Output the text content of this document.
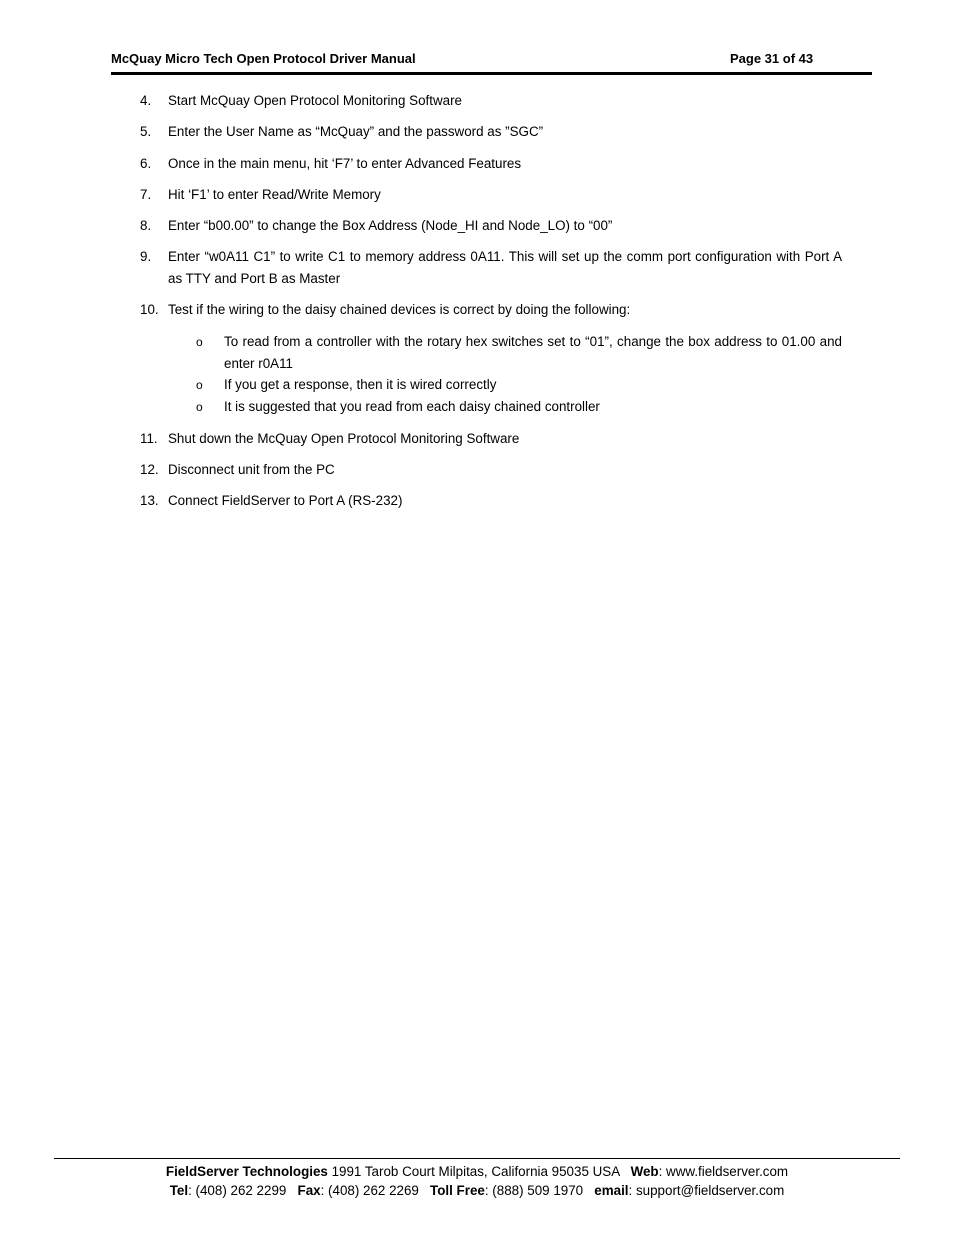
McQuay Micro Tech Open Protocol Driver Manual	Page 31 of 43
4. Start McQuay Open Protocol Monitoring Software
5. Enter the User Name as “McQuay” and the password as ”SGC”
6. Once in the main menu, hit ‘F7’ to enter Advanced Features
7. Hit ‘F1’ to enter Read/Write Memory
8. Enter “b00.00” to change the Box Address (Node_HI and Node_LO) to “00”
9. Enter “w0A11 C1” to write C1 to memory address 0A11. This will set up the comm port configuration with Port A as TTY and Port B as Master
10. Test if the wiring to the daisy chained devices is correct by doing the following:
o To read from a controller with the rotary hex switches set to “01”, change the box address to 01.00 and enter r0A11
o If you get a response, then it is wired correctly
o It is suggested that you read from each daisy chained controller
11. Shut down the McQuay Open Protocol Monitoring Software
12. Disconnect unit from the PC
13. Connect FieldServer to Port A (RS-232)
FieldServer Technologies 1991 Tarob Court Milpitas, California 95035 USA   Web: www.fieldserver.com
Tel: (408) 262 2299   Fax: (408) 262 2269   Toll Free: (888) 509 1970   email: support@fieldserver.com
